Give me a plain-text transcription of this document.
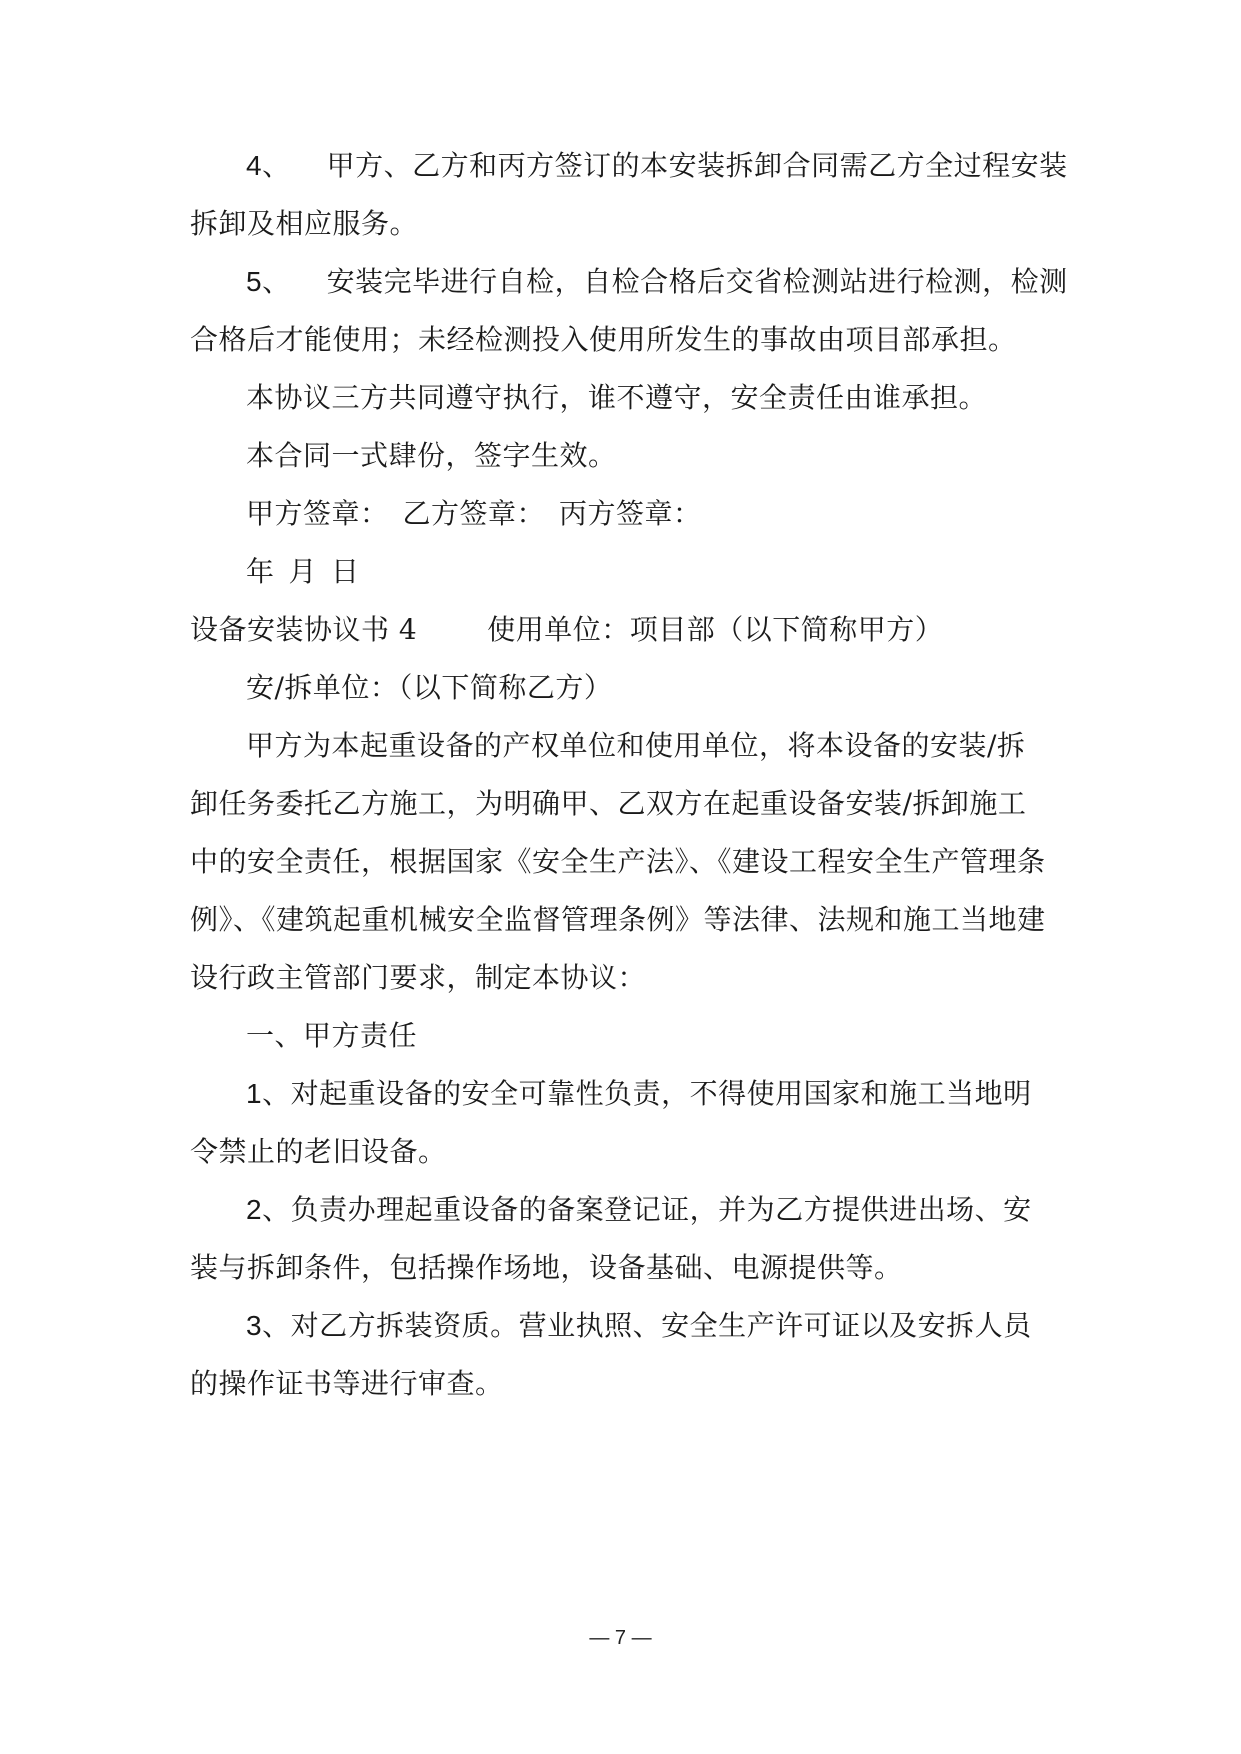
4、 甲方、乙方和丙方签订的本安装拆卸合同需乙方全过程安装
拆卸及相应服务。
5、 安装完毕进行自检，自检合格后交省检测站进行检测，检测
合格后才能使用；未经检测投入使用所发生的事故由项目部承担。
本协议三方共同遵守执行，谁不遵守，安全责任由谁承担。
本合同一式肆份，签字生效。
甲方签章： 乙方签章： 丙方签章：
年 月 日
设备安装协议书 4	使用单位：项目部（以下简称甲方）
安/拆单位：（以下简称乙方）
甲方为本起重设备的产权单位和使用单位，将本设备的安装/拆
卸任务委托乙方施工，为明确甲、乙双方在起重设备安装/拆卸施工
中的安全责任，根据国家《安全生产法》、《建设工程安全生产管理条
例》、《建筑起重机械安全监督管理条例》等法律、法规和施工当地建
设行政主管部门要求，制定本协议：
一、甲方责任
1、对起重设备的安全可靠性负责，不得使用国家和施工当地明
令禁止的老旧设备。
2、负责办理起重设备的备案登记证，并为乙方提供进出场、安
装与拆卸条件，包括操作场地，设备基础、电源提供等。
3、对乙方拆装资质。营业执照、安全生产许可证以及安拆人员
的操作证书等进行审查。
— 7 —
